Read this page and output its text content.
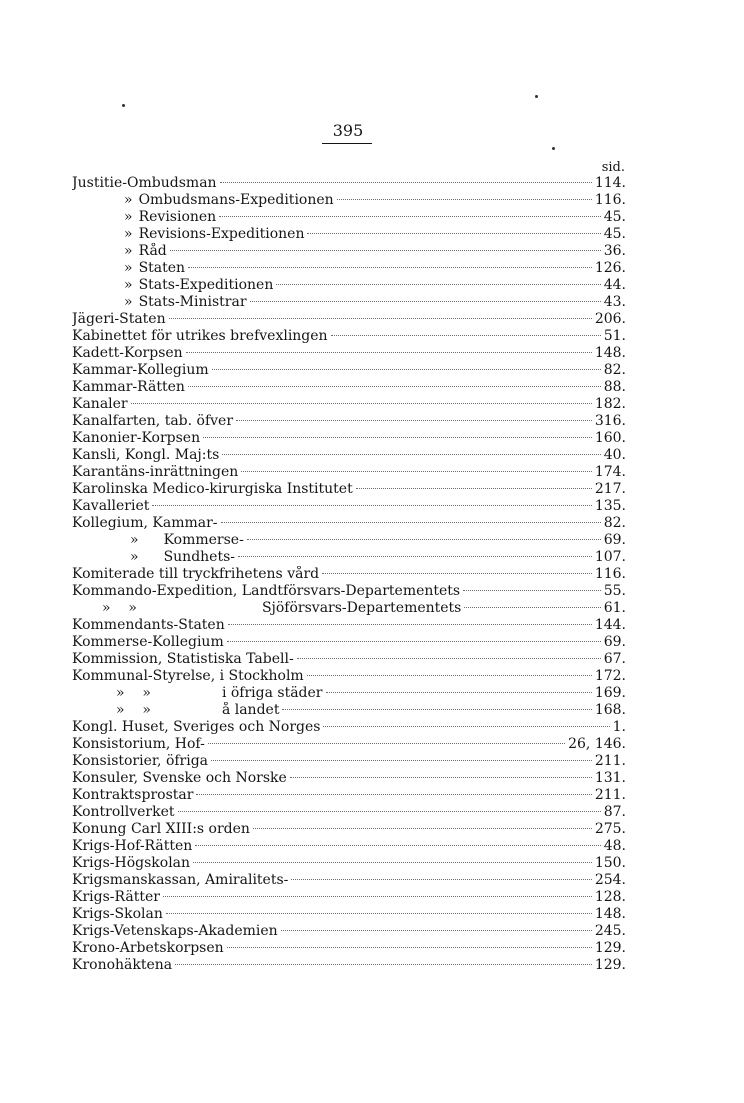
395
sid.
Justitie-Ombudsman	114.
» Ombudsmans-Expeditionen	116.
» Revisionen	45.
» Revisions-Expeditionen	45.
» Råd	36.
» Staten	126.
» Stats-Expeditionen	44.
» Stats-Ministrar	43.
Jägeri-Staten	206.
Kabinettet för utrikes brefvexlingen	51.
Kadett-Korpsen	148.
Kammar-Kollegium	82.
Kammar-Rätten	88.
Kanaler	182.
Kanalfarten, tab. öfver	316.
Kanonier-Korpsen	160.
Kansli, Kongl. Maj:ts	40.
Karantäns-inrättningen	174.
Karolinska Medico-kirurgiska Institutet	217.
Kavalleriet	135.
Kollegium, Kammar-	82.
» Kommerse-	69.
» Sundhets-	107.
Komiterade till tryckfrihetens vård	116.
Kommando-Expedition, Landtförsvars-Departementets	55.
»    »	Sjöförsvars-Departementets	61.
Kommendants-Staten	144.
Kommerse-Kollegium	69.
Kommission, Statistiska Tabell-	67.
Kommunal-Styrelse, i Stockholm	172.
»    »	i öfriga städer	169.
»    »	å landet	168.
Kongl. Huset, Sveriges och Norges	1.
Konsistorium, Hof-	26, 146.
Konsistorier, öfriga	211.
Konsuler, Svenske och Norske	131.
Kontraktsprostar	211.
Kontrollverket	87.
Konung Carl XIII:s orden	275.
Krigs-Hof-Rätten	48.
Krigs-Högskolan	150.
Krigsmanskassan, Amiralitets-	254.
Krigs-Rätter	128.
Krigs-Skolan	148.
Krigs-Vetenskaps-Akademien	245.
Krono-Arbetskorpsen	129.
Kronohäktena	129.
